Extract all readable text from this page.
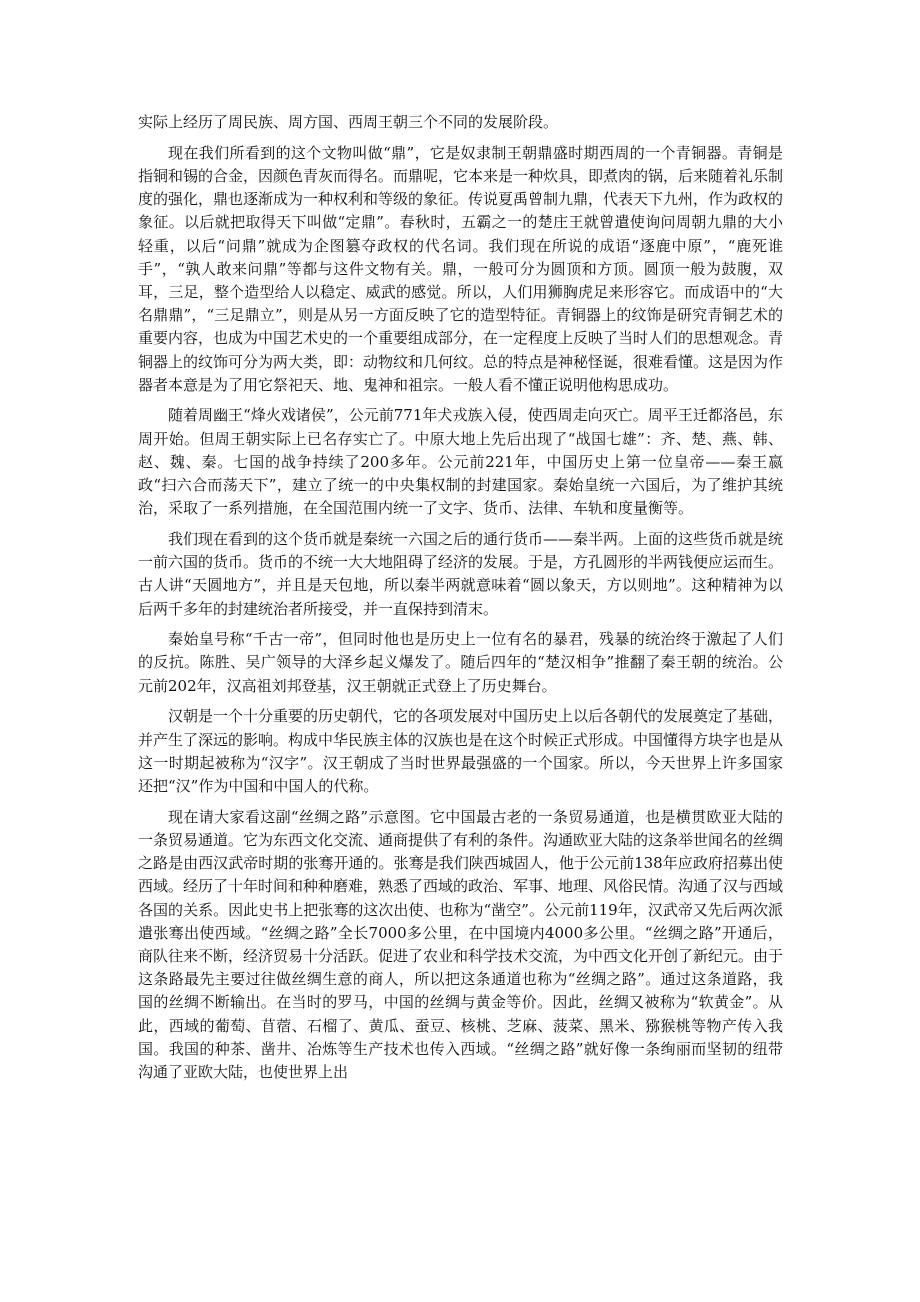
实际上经历了周民族、周方国、西周王朝三个不同的发展阶段。

现在我们所看到的这个文物叫做“鼎”，它是奴隶制王朝鼎盛时期西周的一个青铜器。青铜是指铜和锡的合金，因颜色青灰而得名。而鼎呢，它本来是一种炊具，即煮肉的锅，后来随着礼乐制度的强化，鼎也逐渐成为一种权利和等级的象征。传说夏禹曾制九鼎，代表天下九州，作为政权的象征。以后就把取得天下叫做“定鼎”。春秋时，五霸之一的楚庄王就曾遣使询问周朝九鼎的大小轻重，以后“问鼎”就成为企图篡夺政权的代名词。我们现在所说的成语“逐鹿中原”，“鹿死谁手”，“孰人敢来问鼎”等都与这件文物有关。鼎，一般可分为圆顶和方顶。圆顶一般为鼓腹，双耳，三足，整个造型给人以稳定、威武的感觉。所以，人们用狮胸虎足来形容它。而成语中的“大名鼎鼎”，“三足鼎立”，则是从另一方面反映了它的造型特征。青铜器上的纹饰是研究青铜艺术的重要内容，也成为中国艺术史的一个重要组成部分，在一定程度上反映了当时人们的思想观念。青铜器上的纹饰可分为两大类，即：动物纹和几何纹。总的特点是神秘怪诞，很难看懂。这是因为作器者本意是为了用它祭祀天、地、鬼神和祖宗。一般人看不懂正说明他构思成功。

随着周幽王“烽火戏诸侯”，公元前771年犬戎族入侵，使西周走向灭亡。周平王迁都洛邑，东周开始。但周王朝实际上已名存实亡了。中原大地上先后出现了“战国七雄”：齐、楚、燕、韩、赵、魏、秦。七国的战争持续了200多年。公元前221年，中国历史上第一位皇帝——秦王嬴政“扫六合而荡天下”，建立了统一的中央集权制的封建国家。秦始皇统一六国后，为了维护其统治，采取了一系列措施，在全国范围内统一了文字、货币、法律、车轨和度量衡等。

我们现在看到的这个货币就是秦统一六国之后的通行货币——秦半两。上面的这些货币就是统一前六国的货币。货币的不统一大大地阻碍了经济的发展。于是，方孔圆形的半两钱便应运而生。古人讲“天圆地方”，并且是天包地，所以秦半两就意味着“圆以象天，方以则地”。这种精神为以后两千多年的封建统治者所接受，并一直保持到清末。

秦始皇号称“千古一帝”，但同时他也是历史上一位有名的暴君，残暴的统治终于激起了人们的反抗。陈胜、吴广领导的大泽乡起义爆发了。随后四年的“楚汉相争”推翻了秦王朝的统治。公元前202年，汉高祖刘邦登基，汉王朝就正式登上了历史舞台。

汉朝是一个十分重要的历史朝代，它的各项发展对中国历史上以后各朝代的发展奠定了基础，并产生了深远的影响。构成中华民族主体的汉族也是在这个时候正式形成。中国懂得方块字也是从这一时期起被称为“汉字”。汉王朝成了当时世界最强盛的一个国家。所以，今天世界上许多国家还把“汉”作为中国和中国人的代称。

现在请大家看这副“丝绸之路”示意图。它中国最古老的一条贸易通道，也是横贯欧亚大陆的一条贸易通道。它为东西文化交流、通商提供了有利的条件。沟通欧亚大陆的这条举世闻名的丝绸之路是由西汉武帝时期的张骞开通的。张骞是我们陕西城固人，他于公元前138年应政府招募出使西域。经历了十年时间和种种磨难，熟悉了西域的政治、军事、地理、风俗民情。沟通了汉与西域各国的关系。因此史书上把张骞的这次出使、也称为“凿空”。公元前119年，汉武帝又先后两次派遣张骞出使西域。“丝绸之路”全长7000多公里，在中国境内4000多公里。“丝绸之路”开通后，商队往来不断，经济贸易十分活跃。促进了农业和科学技术交流，为中西文化开创了新纪元。由于这条路最先主要过往做丝绸生意的商人，所以把这条通道也称为“丝绸之路”。通过这条道路，我国的丝绸不断输出。在当时的罗马，中国的丝绸与黄金等价。因此，丝绸又被称为“软黄金”。从此，西域的葡萄、苜蓿、石榴了、黄瓜、蚕豆、核桃、芝麻、菠菜、黑米、猕猴桃等物产传入我国。我国的种茶、凿井、冶炼等生产技术也传入西域。“丝绸之路”就好像一条绚丽而坚韧的纽带沟通了亚欧大陆，也使世界上出
